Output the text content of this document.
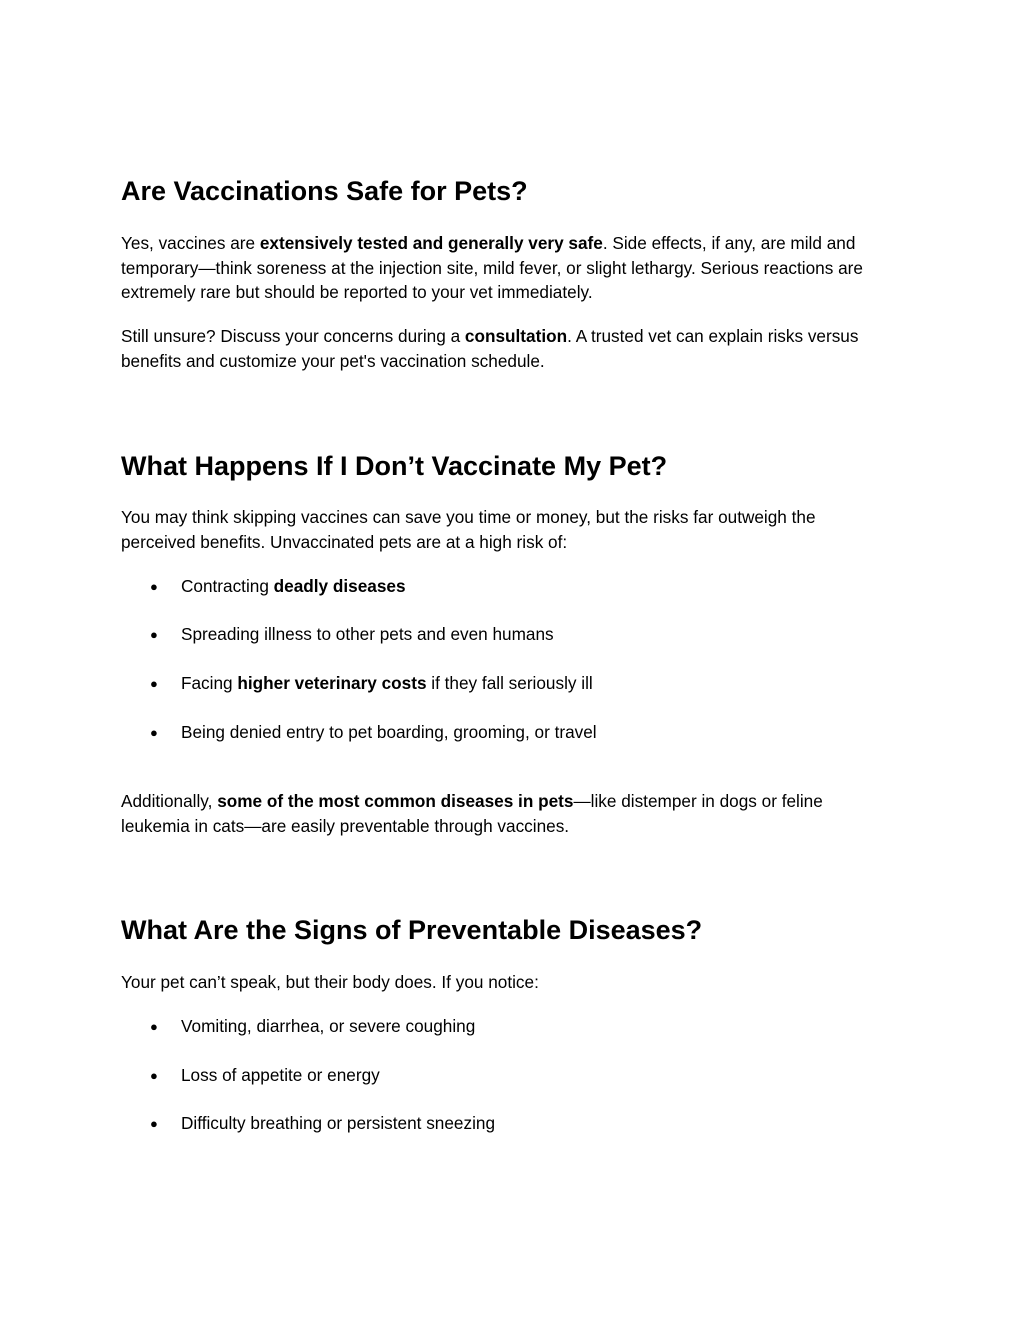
Are Vaccinations Safe for Pets?

Yes, vaccines are extensively tested and generally very safe. Side effects, if any, are mild and temporary—think soreness at the injection site, mild fever, or slight lethargy. Serious reactions are extremely rare but should be reported to your vet immediately.

Still unsure? Discuss your concerns during a consultation. A trusted vet can explain risks versus benefits and customize your pet's vaccination schedule.

What Happens If I Don’t Vaccinate My Pet?

You may think skipping vaccines can save you time or money, but the risks far outweigh the perceived benefits. Unvaccinated pets are at a high risk of:

● Contracting deadly diseases
● Spreading illness to other pets and even humans
● Facing higher veterinary costs if they fall seriously ill
● Being denied entry to pet boarding, grooming, or travel

Additionally, some of the most common diseases in pets—like distemper in dogs or feline leukemia in cats—are easily preventable through vaccines.

What Are the Signs of Preventable Diseases?

Your pet can’t speak, but their body does. If you notice:

● Vomiting, diarrhea, or severe coughing
● Loss of appetite or energy
● Difficulty breathing or persistent sneezing
